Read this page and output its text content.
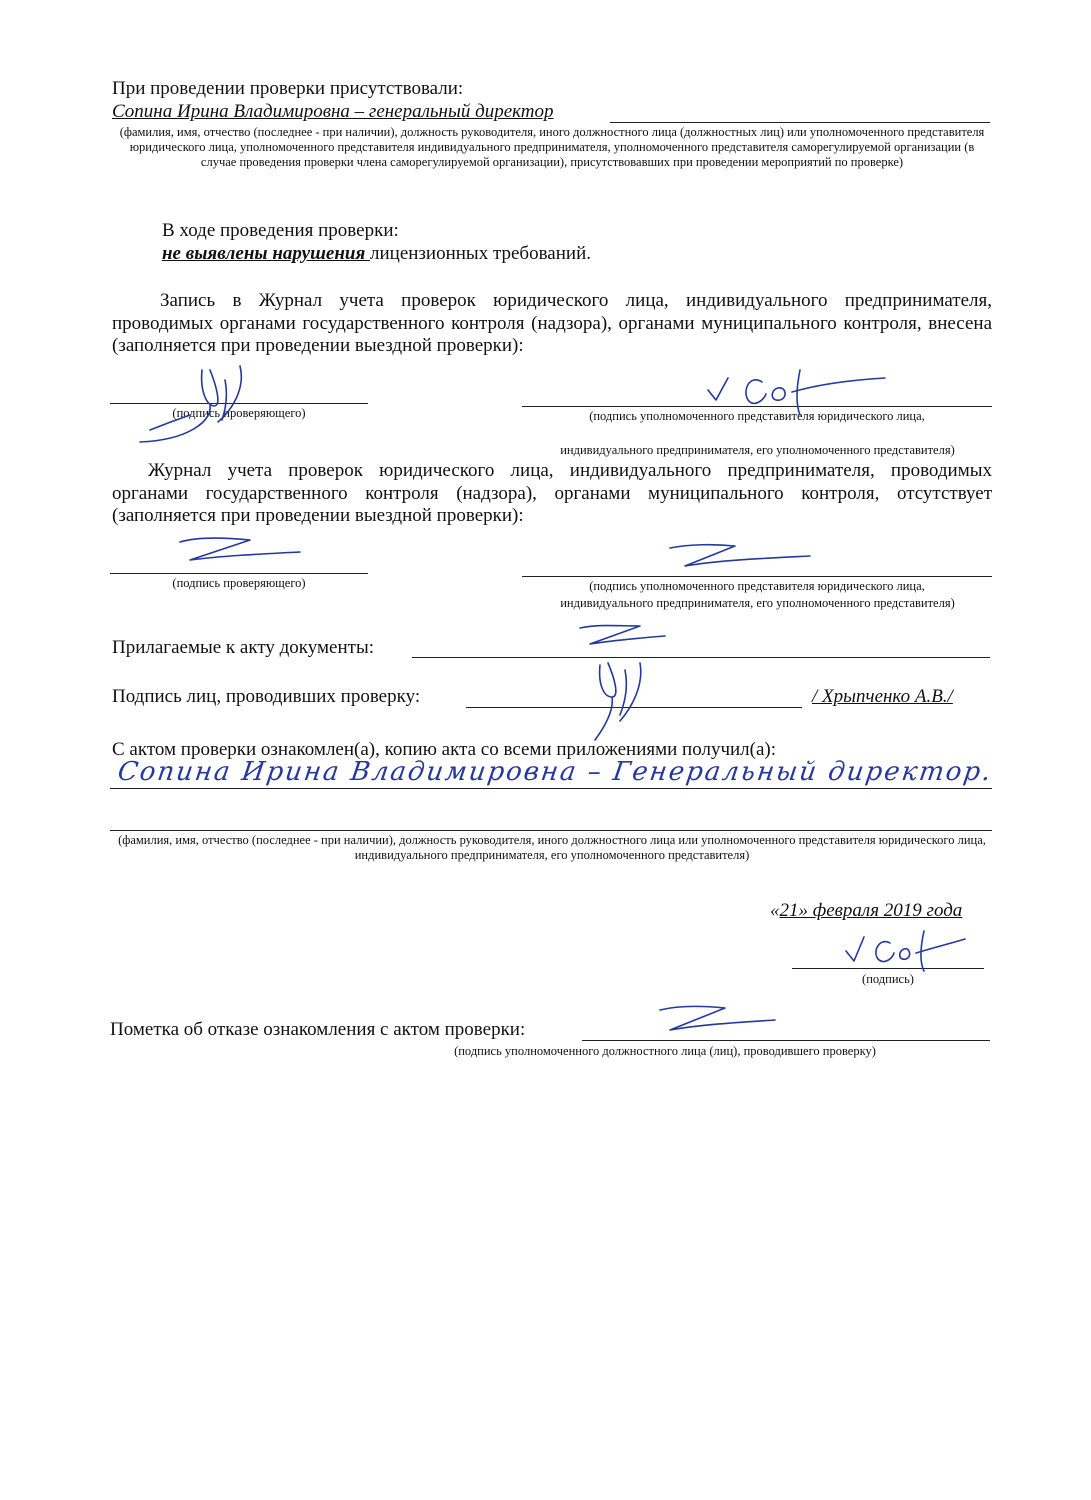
При проведении проверки присутствовали:
Сопина Ирина Владимировна – генеральный директор
(фамилия, имя, отчество (последнее - при наличии), должность руководителя, иного должностного лица (должностных лиц) или уполномоченного представителя юридического лица, уполномоченного представителя индивидуального предпринимателя, уполномоченного представителя саморегулируемой организации (в случае проведения проверки члена саморегулируемой организации), присутствовавших при проведении мероприятий по проверке)
В ходе проведения проверки:
не выявлены нарушения лицензионных требований.
Запись в Журнал учета проверок юридического лица, индивидуального предпринимателя, проводимых органами государственного контроля (надзора), органами муниципального контроля, внесена (заполняется при проведении выездной проверки):
(подпись проверяющего)	(подпись уполномоченного представителя юридического лица,
индивидуального предпринимателя, его уполномоченного представителя)
Журнал учета проверок юридического лица, индивидуального предпринимателя, проводимых органами государственного контроля (надзора), органами муниципального контроля, отсутствует (заполняется при проведении выездной проверки):
(подпись проверяющего)	(подпись уполномоченного представителя юридического лица,
индивидуального предпринимателя, его уполномоченного представителя)
Прилагаемые к акту документы:
Подпись лиц, проводивших проверку:	/ Хрыпченко А.В./
С актом проверки ознакомлен(а), копию акта со всеми приложениями получил(а):
Сопина Ирина Владимировна – Генеральный директор.
(фамилия, имя, отчество (последнее - при наличии), должность руководителя, иного должностного лица или уполномоченного представителя юридического лица, индивидуального предпринимателя, его уполномоченного представителя)
«21» февраля 2019 года
(подпись)
Пометка об отказе ознакомления с актом проверки:
(подпись уполномоченного должностного лица (лиц), проводившего проверку)
